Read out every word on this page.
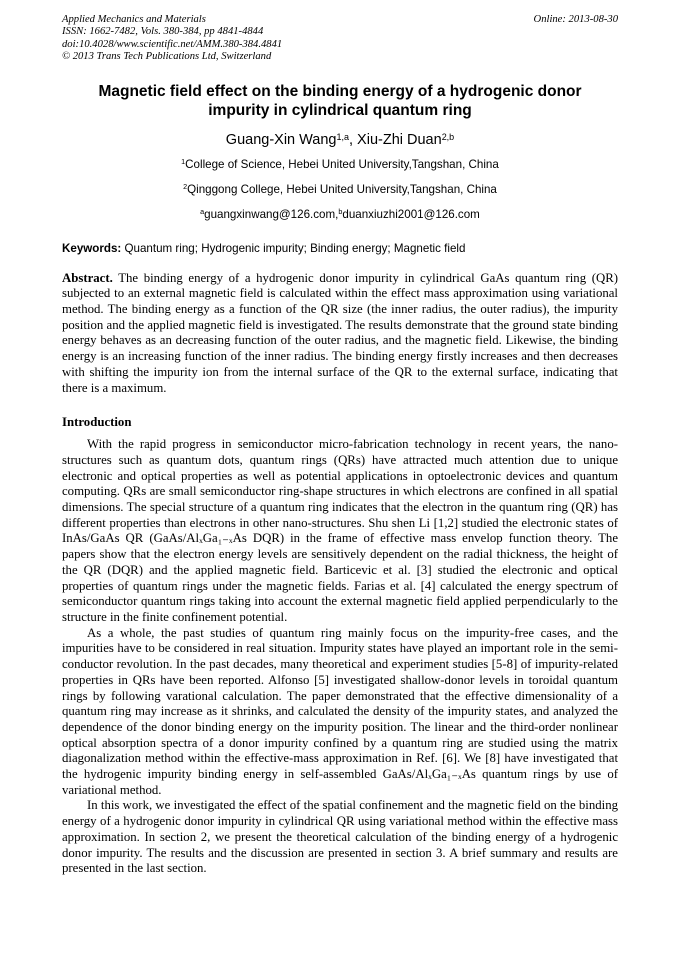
Applied Mechanics and Materials
ISSN: 1662-7482, Vols. 380-384, pp 4841-4844
doi:10.4028/www.scientific.net/AMM.380-384.4841
© 2013 Trans Tech Publications Ltd, Switzerland
Online: 2013-08-30
Magnetic field effect on the binding energy of a hydrogenic donor impurity in cylindrical quantum ring
Guang-Xin Wang$^{1,a}$, Xiu-Zhi Duan$^{2,b}$
$^1$College of Science, Hebei United University,Tangshan, China
$^2$Qinggong College, Hebei United University,Tangshan, China
$^a$guangxinwang@126.com,$^b$duanxiuzhi2001@126.com
Keywords: Quantum ring; Hydrogenic impurity; Binding energy; Magnetic field

Abstract. The binding energy of a hydrogenic donor impurity in cylindrical GaAs quantum ring (QR) subjected to an external magnetic field is calculated within the effect mass approximation using variational method. The binding energy as a function of the QR size (the inner radius, the outer radius), the impurity position and the applied magnetic field is investigated. The results demonstrate that the ground state binding energy behaves as an decreasing function of the outer radius, and the magnetic field. Likewise, the binding energy is an increasing function of the inner radius. The binding energy firstly increases and then decreases with shifting the impurity ion from the internal surface of the QR to the external surface, indicating that there is a maximum.

Introduction

With the rapid progress in semiconductor micro-fabrication technology in recent years, the nano-structures such as quantum dots, quantum rings (QRs) have attracted much attention due to unique electronic and optical properties as well as potential applications in optoelectronic devices and quantum computing. QRs are small semiconductor ring-shape structures in which electrons are confined in all spatial dimensions. The special structure of a quantum ring indicates that the electron in the quantum ring (QR) has different properties than electrons in other nano-structures. Shu shen Li [1,2] studied the electronic states of InAs/GaAs QR (GaAs/AlₓGa₁₋ₓAs DQR) in the frame of effective mass envelop function theory. The papers show that the electron energy levels are sensitively dependent on the radial thickness, the height of the QR (DQR) and the applied magnetic field. Barticevic et al. [3] studied the electronic and optical properties of quantum rings under the magnetic fields. Farias et al. [4] calculated the energy spectrum of semiconductor quantum rings taking into account the external magnetic field applied perpendicularly to the structure in the finite confinement potential.

As a whole, the past studies of quantum ring mainly focus on the impurity-free cases, and the impurities have to be considered in real situation. Impurity states have played an important role in the semi-conductor revolution. In the past decades, many theoretical and experiment studies [5-8] of impurity-related properties in QRs have been reported. Alfonso [5] investigated shallow-donor levels in toroidal quantum rings by following varational calculation. The paper demonstrated that the effective dimensionality of a quantum ring may increase as it shrinks, and calculated the density of the impurity states, and analyzed the dependence of the donor binding energy on the impurity position. The linear and the third-order nonlinear optical absorption spectra of a donor impurity confined by a quantum ring are studied using the matrix diagonalization method within the effective-mass approximation in Ref. [6]. We [8] have investigated that the hydrogenic impurity binding energy in self-assembled GaAs/AlₓGa₁₋ₓAs quantum rings by use of variational method.

In this work, we investigated the effect of the spatial confinement and the magnetic field on the binding energy of a hydrogenic donor impurity in cylindrical QR using variational method within the effective mass approximation. In section 2, we present the theoretical calculation of the binding energy of a hydrogenic donor impurity. The results and the discussion are presented in section 3. A brief summary and results are presented in the last section.
